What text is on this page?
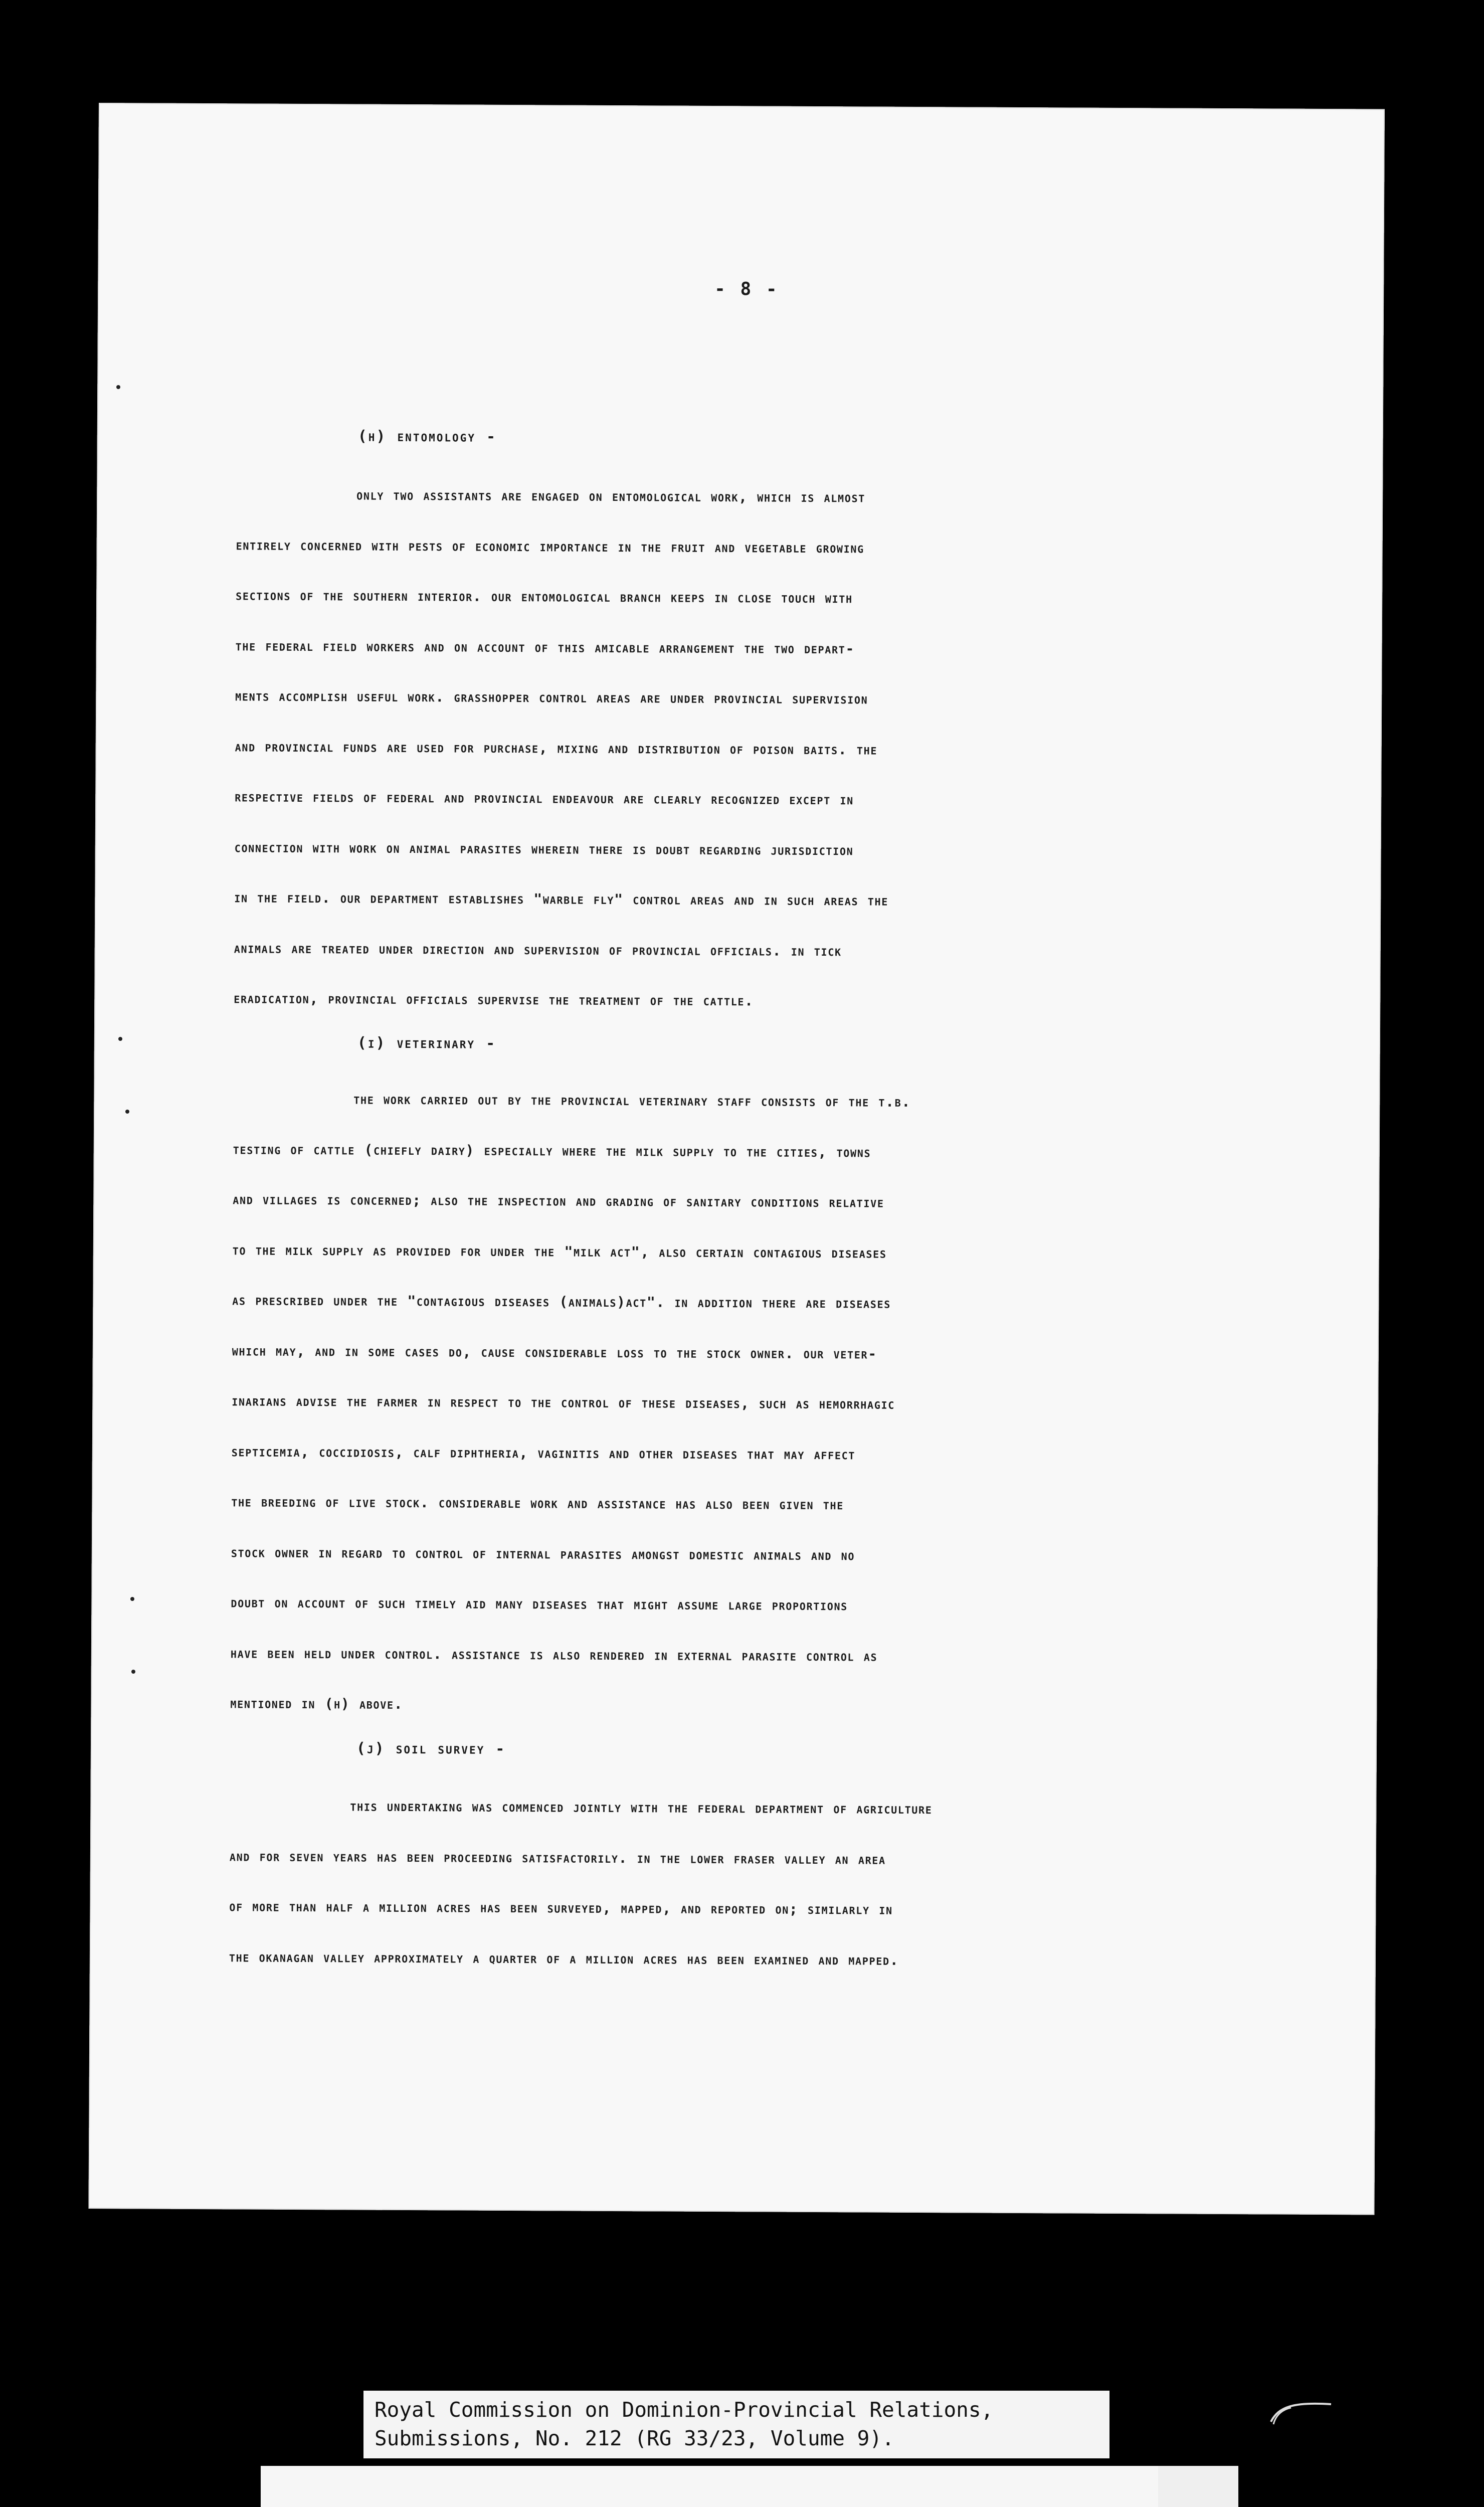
- 8 -
(h) entomology -
only two assistants are engaged on entomological work, which is almost
entirely concerned with pests of economic importance in the fruit and vegetable growing
sections of the southern interior. our entomological branch keeps in close touch with
the federal field workers and on account of this amicable arrangement the two depart-
ments accomplish useful work. grasshopper control areas are under provincial supervision
and provincial funds are used for purchase, mixing and distribution of poison baits. the
respective fields of federal and provincial endeavour are clearly recognized except in
connection with work on animal parasites wherein there is doubt regarding jurisdiction
in the field. our department establishes "warble fly" control areas and in such areas the
animals are treated under direction and supervision of provincial officials. in tick
eradication, provincial officials supervise the treatment of the cattle.
(i) veterinary -
the work carried out by the provincial veterinary staff consists of the t.b.
testing of cattle (chiefly dairy) especially where the milk supply to the cities, towns
and villages is concerned; also the inspection and grading of sanitary conditions relative
to the milk supply as provided for under the "milk act", also certain contagious diseases
as prescribed under the "contagious diseases (animals)act". in addition there are diseases
which may, and in some cases do, cause considerable loss to the stock owner. our veter-
inarians advise the farmer in respect to the control of these diseases, such as hemorrhagic
septicemia, coccidiosis, calf diphtheria, vaginitis and other diseases that may affect
the breeding of live stock. considerable work and assistance has also been given the
stock owner in regard to control of internal parasites amongst domestic animals and no
doubt on account of such timely aid many diseases that might assume large proportions
have been held under control. assistance is also rendered in external parasite control as
mentioned in (h) above.
(j) soil survey -
this undertaking was commenced jointly with the federal department of agriculture
and for seven years has been proceeding satisfactorily. in the lower fraser valley an area
of more than half a million acres has been surveyed, mapped, and reported on; similarly in
the okanagan valley approximately a quarter of a million acres has been examined and mapped.
Royal Commission on Dominion-Provincial Relations,
Submissions, No. 212 (RG 33/23, Volume 9).
